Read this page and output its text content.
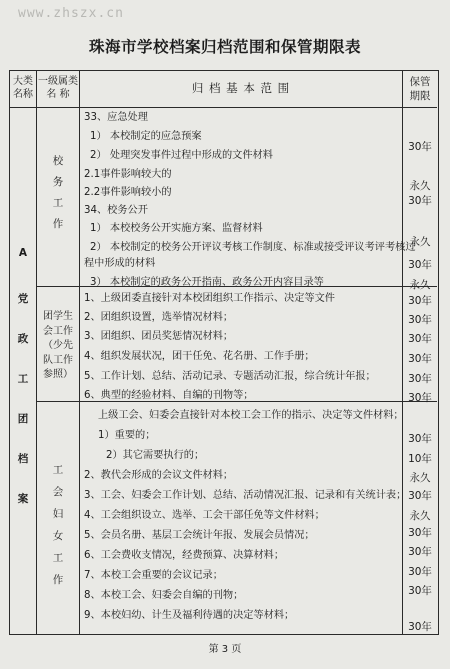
www.zhszx.cn
珠海市学校档案归档范围和保管期限表
大类
名称
一级属类
名 称	归 档 基 本 范 围	保管
期限
A
党
政
工
团
档
案
校
务
工
作
33、应急处理
1） 本校制定的应急预案
2） 处理突发事件过程中形成的文件材料
2.1事件影响较大的
2.2事件影响较小的
34、校务公开
1） 本校校务公开实施方案、监督材料
2） 本校制定的校务公开评议考核工作制度、标准或接受评议考评考核过
程中形成的材料
3） 本校制定的政务公开指南、政务公开内容目录等
30年
永久
30年
永久
30年
永久
团学生
会工作
（少先
队工作
参照）
1、上级团委直接针对本校团组织工作指示、决定等文件
2、团组织设置，选举情况材料；
3、团组织、团员奖惩情况材料；
4、组织发展状况，团干任免、花名册、工作手册；
5、工作计划、总结、活动记录、专题活动汇报，综合统计年报；
6、典型的经验材料、自编的刊物等；
30年
30年
30年
30年
30年
30年
工
会
妇
女
工
作
上级工会、妇委会直接针对本校工会工作的指示、决定等文件材料；
1）重要的；
2）其它需要执行的；
2、教代会形成的会议文件材料；
3、工会、妇委会工作计划、总结、活动情况汇报、记录和有关统计表；
4、工会组织设立、选举、工会干部任免等文件材料；
5、会员名册、基层工会统计年报、发展会员情况；
6、工会费收支情况，经费预算、决算材料；
7、本校工会重要的会议记录；
8、本校工会、妇委会自编的刊物；
9、本校妇幼、计生及福利待遇的决定等材料；
30年
10年
永久
30年
永久
30年
30年
30年
30年
30年
第 3 页
